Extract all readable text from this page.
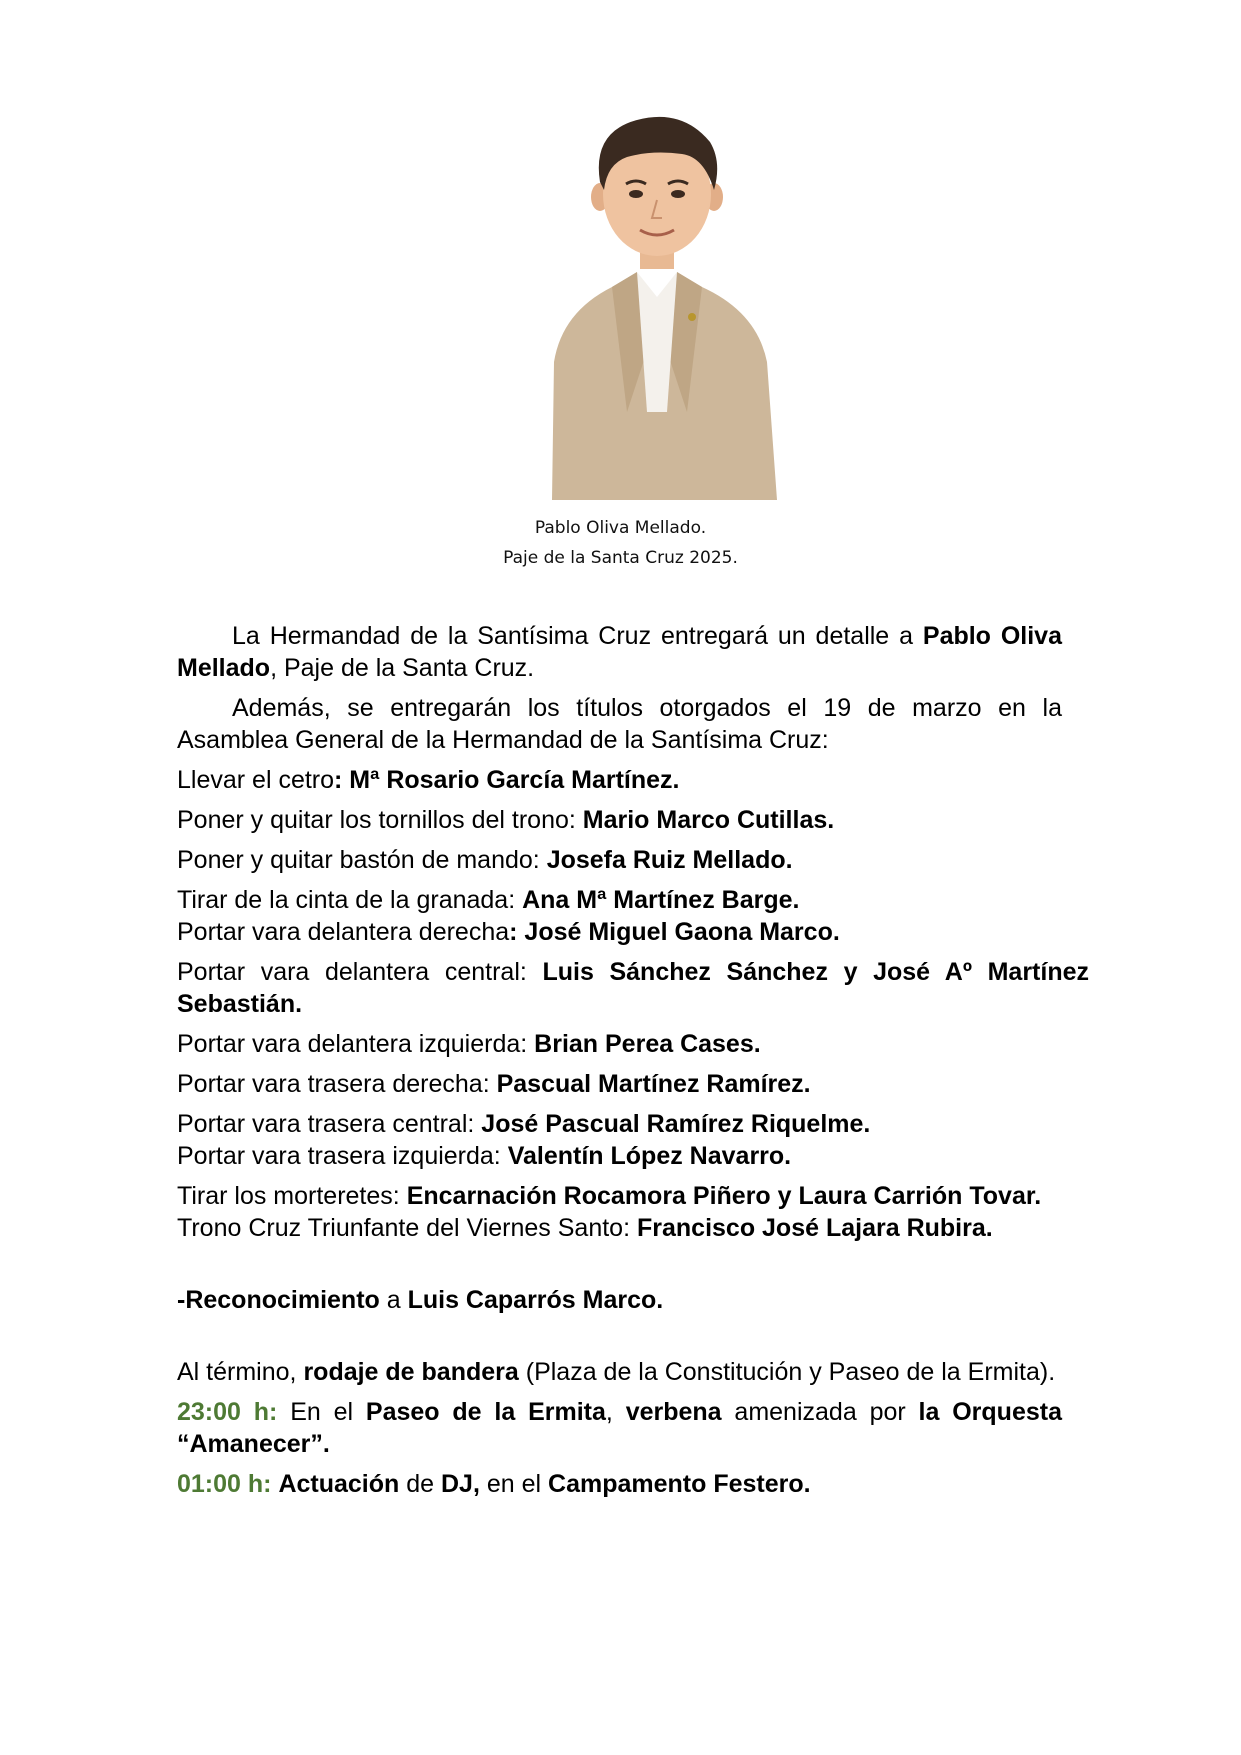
Pablo Oliva Mellado.
Paje de la Santa Cruz 2025.

La Hermandad de la Santísima Cruz entregará un detalle a Pablo Oliva Mellado, Paje de la Santa Cruz.

Además, se entregarán los títulos otorgados el 19 de marzo en la Asamblea General de la Hermandad de la Santísima Cruz:

Llevar el cetro: Mª Rosario García Martínez.

Poner y quitar los tornillos del trono: Mario Marco Cutillas.

Poner y quitar bastón de mando: Josefa Ruiz Mellado.

Tirar de la cinta de la granada: Ana Mª Martínez Barge.

Portar vara delantera derecha: José Miguel Gaona Marco.

Portar vara delantera central: Luis Sánchez Sánchez y José Aº Martínez Sebastián.

Portar vara delantera izquierda: Brian Perea Cases.

Portar vara trasera derecha: Pascual Martínez Ramírez.

Portar vara trasera central: José Pascual Ramírez Riquelme.

Portar vara trasera izquierda: Valentín López Navarro.

Tirar los morteretes: Encarnación Rocamora Piñero y Laura Carrión Tovar.

Trono Cruz Triunfante del Viernes Santo: Francisco José Lajara Rubira.

-Reconocimiento a Luis Caparrós Marco.

Al término, rodaje de bandera (Plaza de la Constitución y Paseo de la Ermita).

23:00 h: En el Paseo de la Ermita, verbena amenizada por la Orquesta “Amanecer”.

01:00 h: Actuación de DJ, en el Campamento Festero.
